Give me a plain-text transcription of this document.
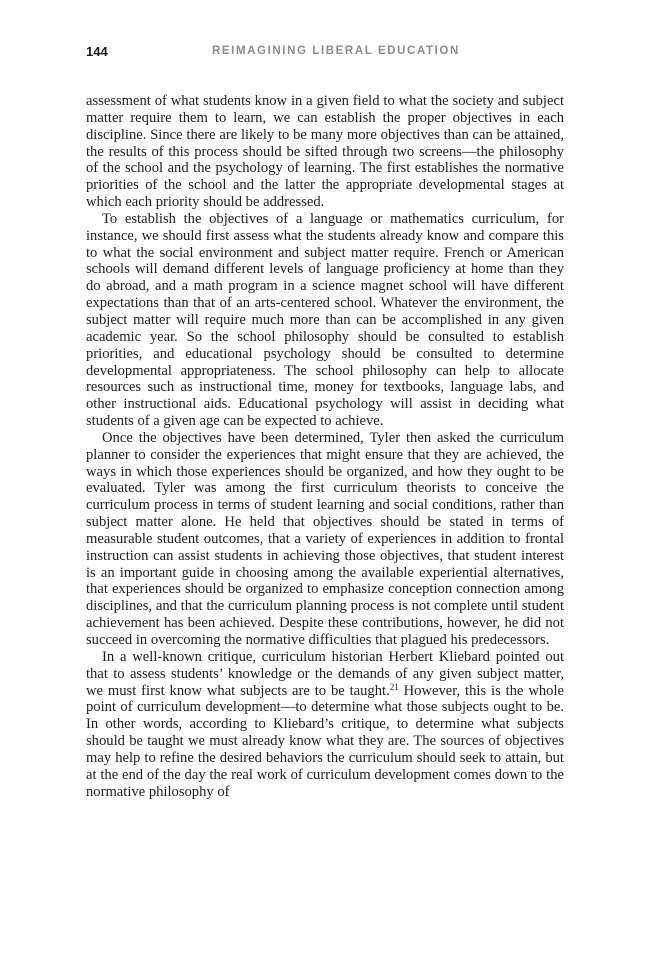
144	REIMAGINING LIBERAL EDUCATION

assessment of what students know in a given field to what the society and subject matter require them to learn, we can establish the proper objectives in each discipline. Since there are likely to be many more objectives than can be attained, the results of this process should be sifted through two screens—the philosophy of the school and the psychology of learning. The first establishes the normative priorities of the school and the latter the appropriate developmental stages at which each priority should be addressed.

To establish the objectives of a language or mathematics curriculum, for instance, we should first assess what the students already know and compare this to what the social environment and subject matter require. French or American schools will demand different levels of language proficiency at home than they do abroad, and a math program in a science magnet school will have different expectations than that of an arts-centered school. Whatever the environment, the subject matter will require much more than can be accomplished in any given academic year. So the school philosophy should be consulted to establish priorities, and educational psychology should be consulted to determine developmental appropriateness. The school philosophy can help to allocate resources such as instructional time, money for textbooks, language labs, and other instructional aids. Educational psychology will assist in deciding what students of a given age can be expected to achieve.

Once the objectives have been determined, Tyler then asked the curriculum planner to consider the experiences that might ensure that they are achieved, the ways in which those experiences should be organized, and how they ought to be evaluated. Tyler was among the first curriculum theorists to conceive the curriculum process in terms of student learning and social conditions, rather than subject matter alone. He held that objectives should be stated in terms of measurable student outcomes, that a variety of experiences in addition to frontal instruction can assist students in achieving those objectives, that student interest is an important guide in choosing among the available experiential alternatives, that experiences should be organized to emphasize conception connection among disciplines, and that the curriculum planning process is not complete until student achievement has been achieved. Despite these contributions, however, he did not succeed in overcoming the normative difficulties that plagued his predecessors.

In a well-known critique, curriculum historian Herbert Kliebard pointed out that to assess students’ knowledge or the demands of any given subject matter, we must first know what subjects are to be taught.$^{21}$ However, this is the whole point of curriculum development—to determine what those subjects ought to be. In other words, according to Kliebard’s critique, to determine what subjects should be taught we must already know what they are. The sources of objectives may help to refine the desired behaviors the curriculum should seek to attain, but at the end of the day the real work of curriculum development comes down to the normative philosophy of
